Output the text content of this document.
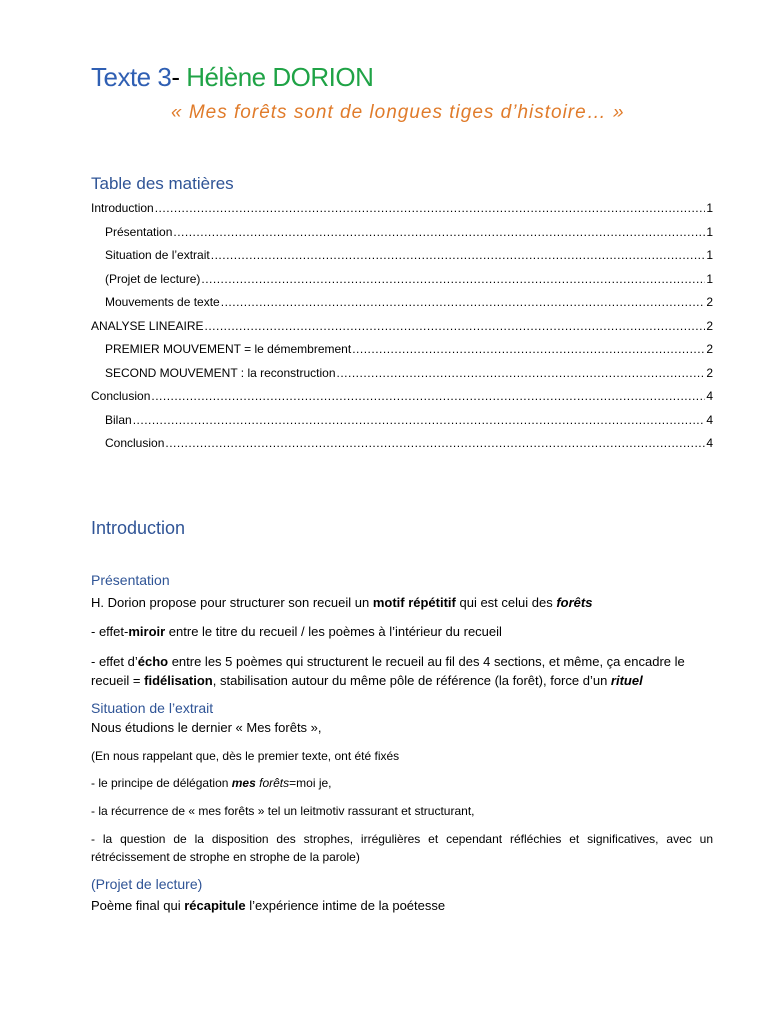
Texte 3- Hélène DORION
« Mes forêts sont de longues tiges d’histoire… »
Table des matières
Introduction .....	1
Présentation .....	1
Situation de l’extrait .....	1
(Projet de lecture) .....	1
Mouvements de texte .....	2
ANALYSE LINEAIRE .....	2
PREMIER MOUVEMENT = le démembrement .....	2
SECOND MOUVEMENT : la reconstruction .....	2
Conclusion .....	4
Bilan .....	4
Conclusion .....	4
Introduction
Présentation

H. Dorion propose pour structurer son recueil un motif répétitif qui est celui des forêts

- effet-miroir entre le titre du recueil / les poèmes à l’intérieur du recueil

- effet d’écho entre les 5 poèmes qui structurent le recueil au fil des 4 sections, et même, ça encadre le recueil = fidélisation, stabilisation autour du même pôle de référence (la forêt), force d’un rituel

Situation de l’extrait

Nous étudions le dernier « Mes forêts »,

(En nous rappelant que, dès le premier texte, ont été fixés

- le principe de délégation mes forêts=moi je,

- la récurrence de « mes forêts » tel un leitmotiv rassurant et structurant,

- la question de la disposition des strophes, irrégulières et cependant réfléchies et significatives, avec un rétrécissement de strophe en strophe de la parole)

(Projet de lecture)

Poème final qui récapitule l’expérience intime de la poétesse
